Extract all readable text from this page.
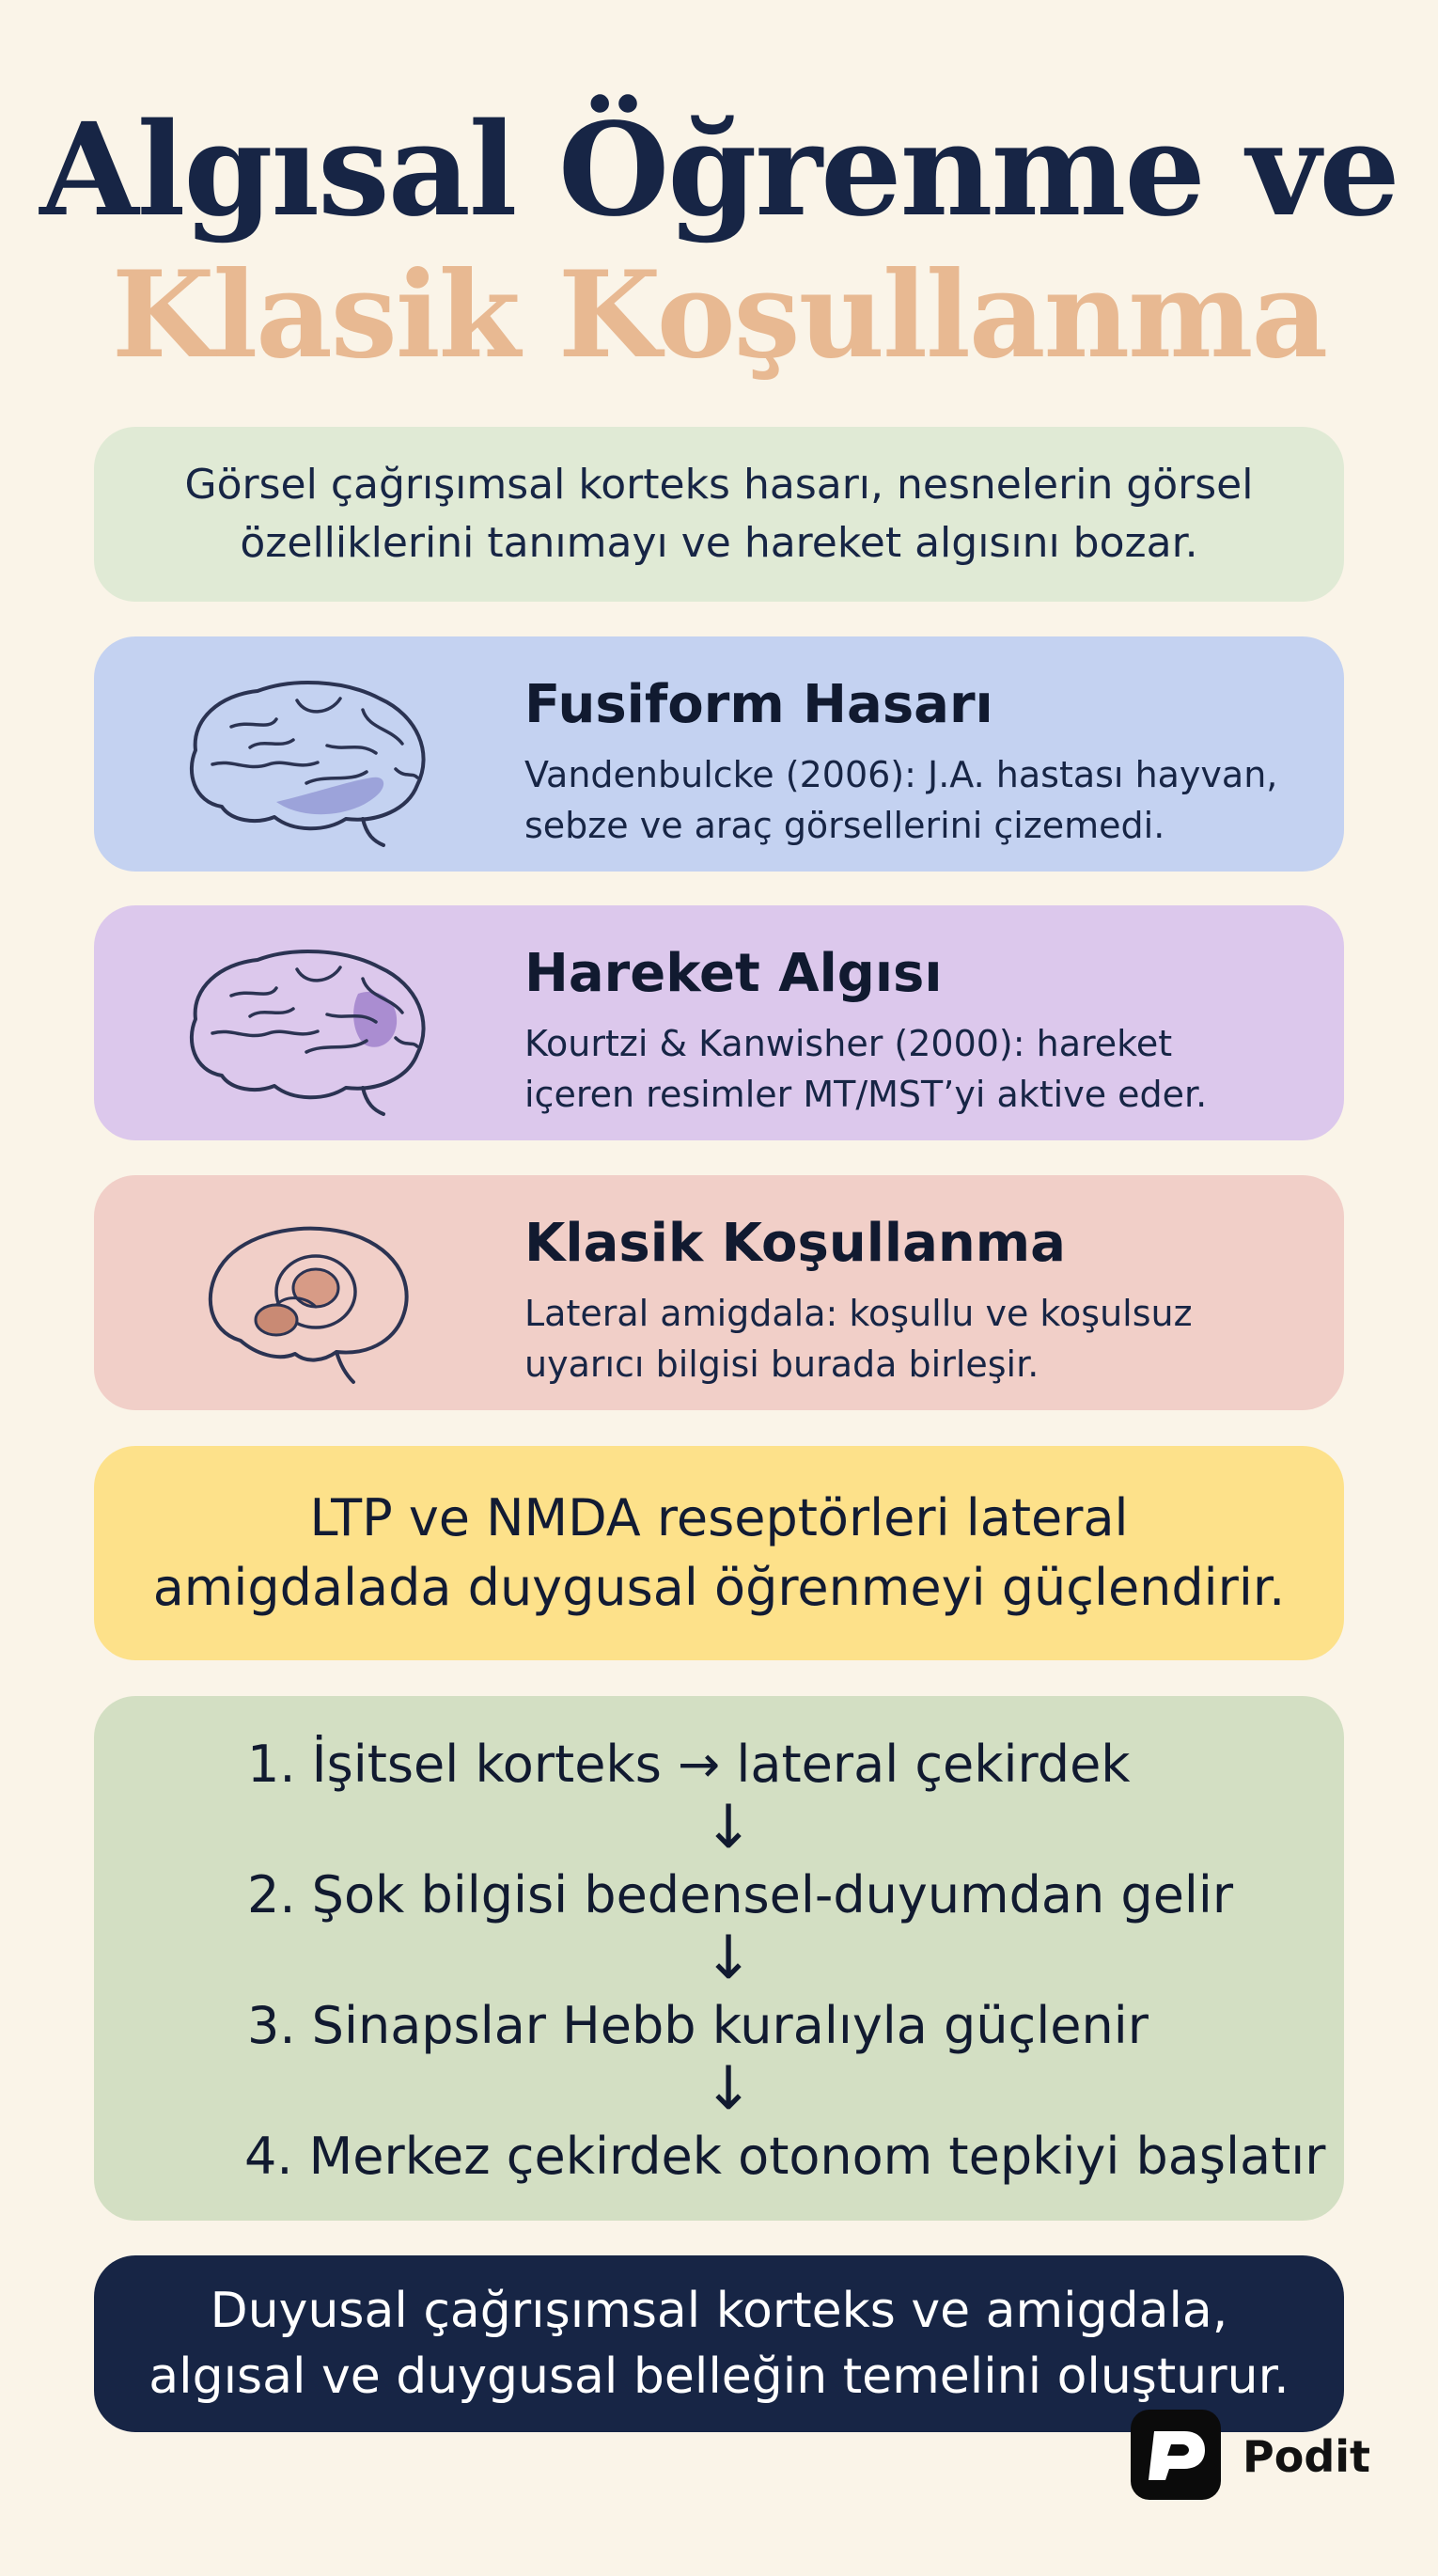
Algısal Öğrenme ve
Klasik Koşullanma
Görsel çağrışımsal korteks hasarı, nesnelerin görsel
özelliklerini tanımayı ve hareket algısını bozar.
Fusiform Hasarı
Vandenbulcke (2006): J.A. hastası hayvan,
sebze ve araç görsellerini çizemedi.
Hareket Algısı
Kourtzi & Kanwisher (2000): hareket
içeren resimler MT/MST’yi aktive eder.
Klasik Koşullanma
Lateral amigdala: koşullu ve koşulsuz
uyarıcı bilgisi burada birleşir.
LTP ve NMDA reseptörleri lateral
amigdalada duygusal öğrenmeyi güçlendirir.
1. İşitsel korteks → lateral çekirdek
↓
2. Şok bilgisi bedensel-duyumdan gelir
↓
3. Sinapslar Hebb kuralıyla güçlenir
↓
4. Merkez çekirdek otonom tepkiyi başlatır
Duyusal çağrışımsal korteks ve amigdala,
algısal ve duygusal belleğin temelini oluşturur.
Podit
